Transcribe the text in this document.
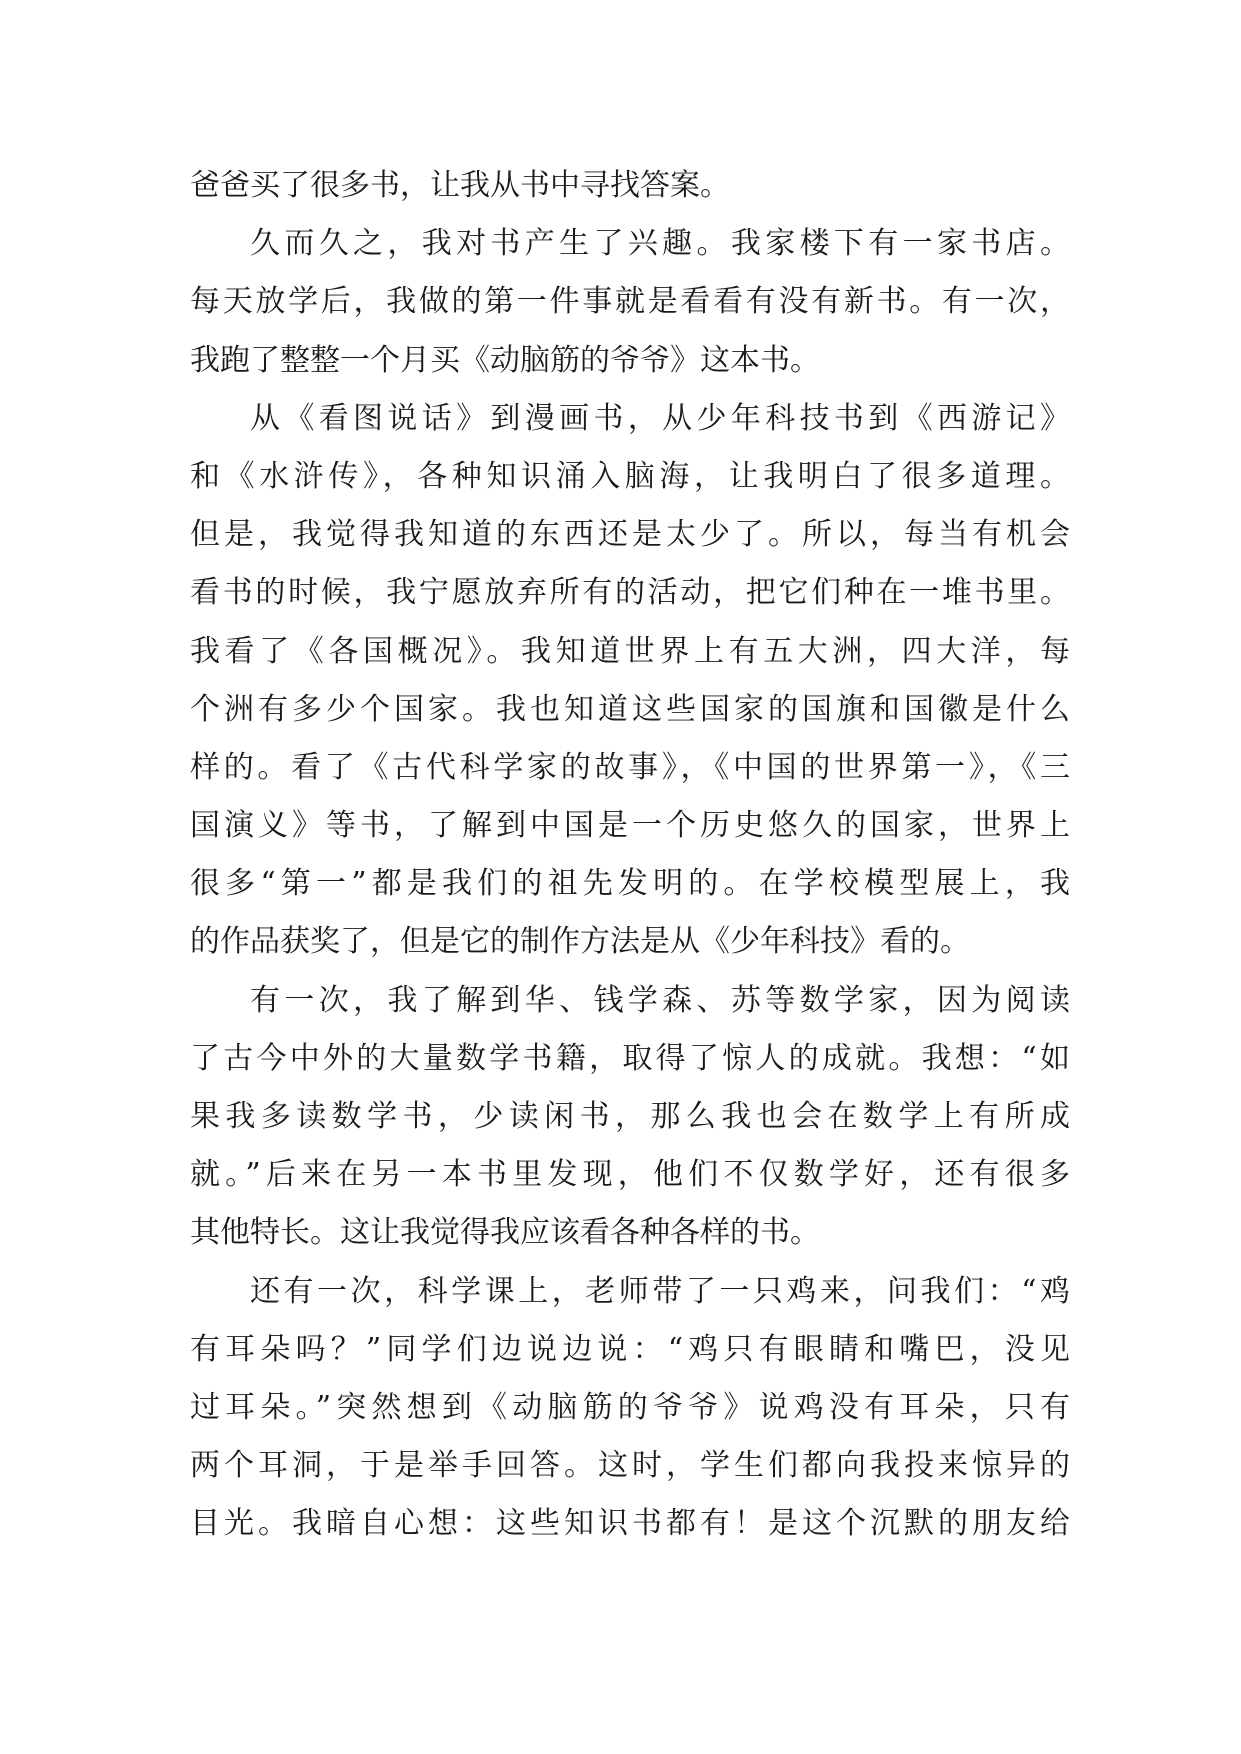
爸爸买了很多书，让我从书中寻找答案。
久而久之，我对书产生了兴趣。我家楼下有一家书店。
每天放学后，我做的第一件事就是看看有没有新书。有一次，
我跑了整整一个月买《动脑筋的爷爷》这本书。
从《看图说话》到漫画书，从少年科技书到《西游记》
和《水浒传》，各种知识涌入脑海，让我明白了很多道理。
但是，我觉得我知道的东西还是太少了。所以，每当有机会
看书的时候，我宁愿放弃所有的活动，把它们种在一堆书里。
我看了《各国概况》。我知道世界上有五大洲，四大洋，每
个洲有多少个国家。我也知道这些国家的国旗和国徽是什么
样的。看了《古代科学家的故事》，《中国的世界第一》，《三
国演义》等书，了解到中国是一个历史悠久的国家，世界上
很多“第一”都是我们的祖先发明的。在学校模型展上，我
的作品获奖了，但是它的制作方法是从《少年科技》看的。
有一次，我了解到华、钱学森、苏等数学家，因为阅读
了古今中外的大量数学书籍，取得了惊人的成就。我想：“如
果我多读数学书，少读闲书，那么我也会在数学上有所成
就。”后来在另一本书里发现，他们不仅数学好，还有很多
其他特长。这让我觉得我应该看各种各样的书。
还有一次，科学课上，老师带了一只鸡来，问我们：“鸡
有耳朵吗？”同学们边说边说：“鸡只有眼睛和嘴巴，没见
过耳朵。”突然想到《动脑筋的爷爷》说鸡没有耳朵，只有
两个耳洞，于是举手回答。这时，学生们都向我投来惊异的
目光。我暗自心想：这些知识书都有！是这个沉默的朋友给
